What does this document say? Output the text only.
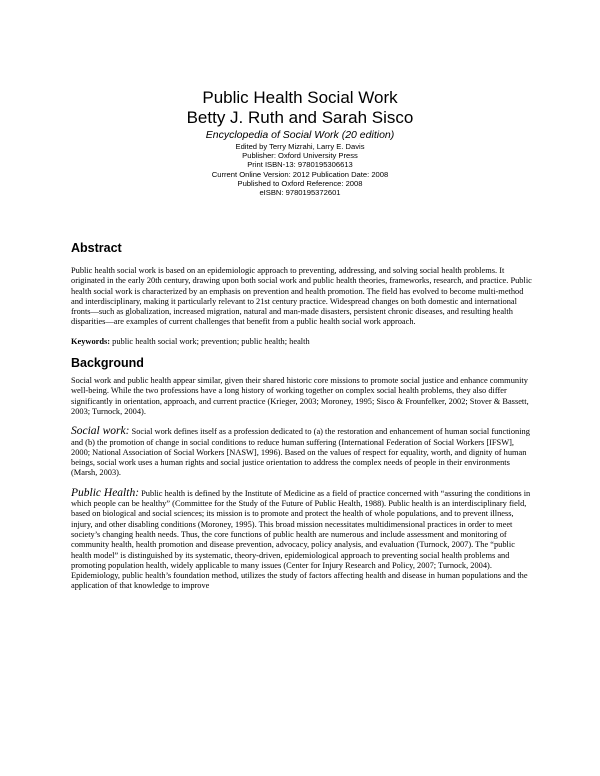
Public Health Social Work
Betty J. Ruth and Sarah Sisco
Encyclopedia of Social Work (20 edition)
Edited by Terry Mizrahi, Larry E. Davis
Publisher: Oxford University Press
Print ISBN-13: 9780195306613
Current Online Version: 2012 Publication Date: 2008
Published to Oxford Reference: 2008
eISBN: 9780195372601
Abstract

Public health social work is based on an epidemiologic approach to preventing, addressing, and solving social health problems. It originated in the early 20th century, drawing upon both social work and public health theories, frameworks, research, and practice. Public health social work is characterized by an emphasis on prevention and health promotion. The field has evolved to become multi-method and interdisciplinary, making it particularly relevant to 21st century practice. Widespread changes on both domestic and international fronts—such as globalization, increased migration, natural and man-made disasters, persistent chronic diseases, and resulting health disparities—are examples of current challenges that benefit from a public health social work approach.

Keywords: public health social work; prevention; public health; health

Background

Social work and public health appear similar, given their shared historic core missions to promote social justice and enhance community well-being. While the two professions have a long history of working together on complex social health problems, they also differ significantly in orientation, approach, and current practice (Krieger, 2003; Moroney, 1995; Sisco & Frounfelker, 2002; Stover & Bassett, 2003; Turnock, 2004).

Social work: Social work defines itself as a profession dedicated to (a) the restoration and enhancement of human social functioning and (b) the promotion of change in social conditions to reduce human suffering (International Federation of Social Workers [IFSW], 2000; National Association of Social Workers [NASW], 1996). Based on the values of respect for equality, worth, and dignity of human beings, social work uses a human rights and social justice orientation to address the complex needs of people in their environments (Marsh, 2003).

Public Health: Public health is defined by the Institute of Medicine as a field of practice concerned with “assuring the conditions in which people can be healthy” (Committee for the Study of the Future of Public Health, 1988). Public health is an interdisciplinary field, based on biological and social sciences; its mission is to promote and protect the health of whole populations, and to prevent illness, injury, and other disabling conditions (Moroney, 1995). This broad mission necessitates multidimensional practices in order to meet society’s changing health needs. Thus, the core functions of public health are numerous and include assessment and monitoring of community health, health promotion and disease prevention, advocacy, policy analysis, and evaluation (Turnock, 2007). The “public health model” is distinguished by its systematic, theory-driven, epidemiological approach to preventing social health problems and promoting population health, widely applicable to many issues (Center for Injury Research and Policy, 2007; Turnock, 2004). Epidemiology, public health’s foundation method, utilizes the study of factors affecting health and disease in human populations and the application of that knowledge to improve
